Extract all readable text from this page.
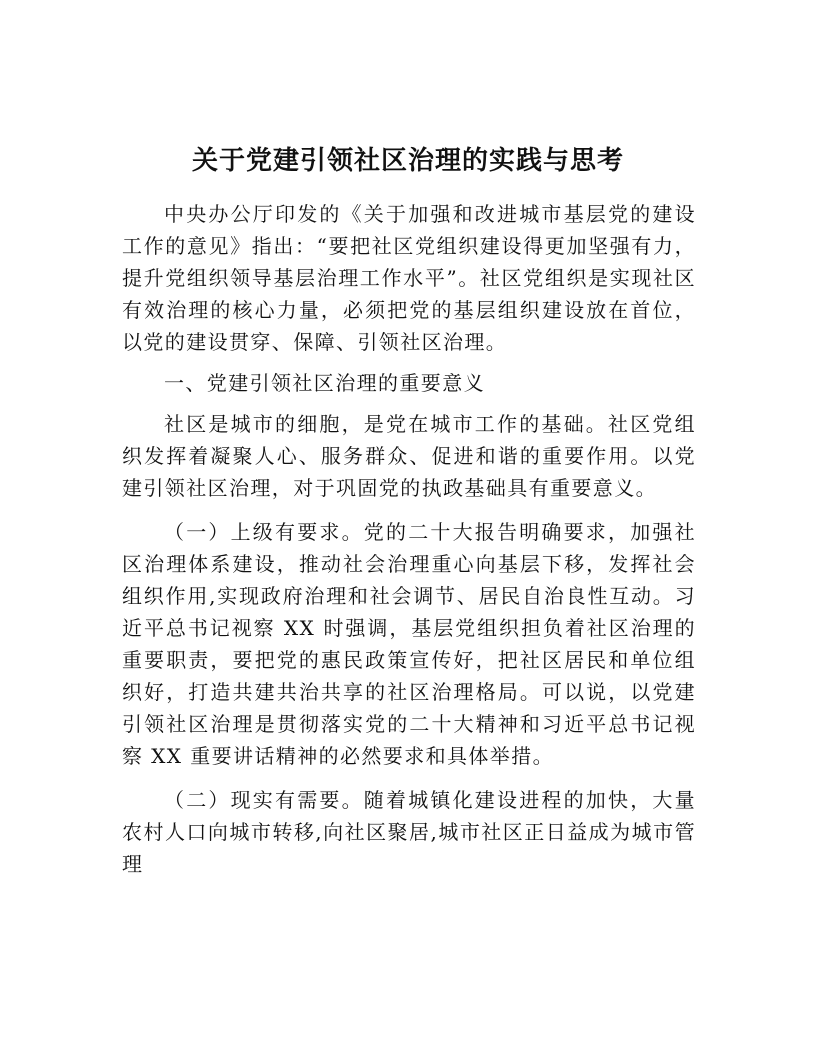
关于党建引领社区治理的实践与思考

中央办公厅印发的《关于加强和改进城市基层党的建设工作的意见》指出：“要把社区党组织建设得更加坚强有力，提升党组织领导基层治理工作水平”。社区党组织是实现社区有效治理的核心力量，必须把党的基层组织建设放在首位，以党的建设贯穿、保障、引领社区治理。

一、党建引领社区治理的重要意义

社区是城市的细胞，是党在城市工作的基础。社区党组织发挥着凝聚人心、服务群众、促进和谐的重要作用。以党建引领社区治理，对于巩固党的执政基础具有重要意义。

（一）上级有要求。党的二十大报告明确要求，加强社区治理体系建设，推动社会治理重心向基层下移，发挥社会组织作用,实现政府治理和社会调节、居民自治良性互动。习近平总书记视察 XX 时强调，基层党组织担负着社区治理的重要职责，要把党的惠民政策宣传好，把社区居民和单位组织好，打造共建共治共享的社区治理格局。可以说，以党建引领社区治理是贯彻落实党的二十大精神和习近平总书记视察 XX 重要讲话精神的必然要求和具体举措。

（二）现实有需要。随着城镇化建设进程的加快，大量农村人口向城市转移,向社区聚居,城市社区正日益成为城市管理
